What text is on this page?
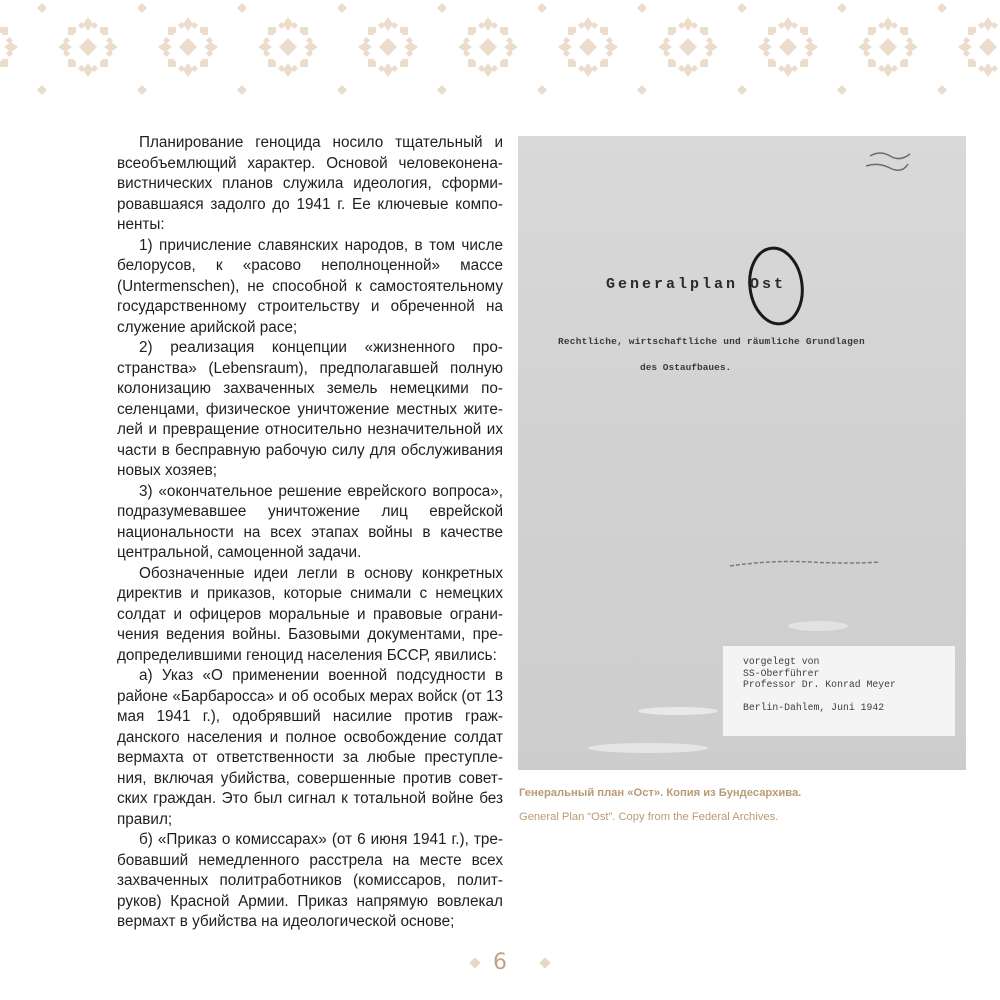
Планирование геноцида носило тщательный и всеобъемлющий характер. Основой человеконенавистнических планов служила идеология, сформировавшаяся задолго до 1941 г. Ее ключевые компоненты:

1) причисление славянских народов, в том числе белорусов, к «расово неполноценной» массе (Untermenschen), не способной к самостоятельному государственному строительству и обреченной на служение арийской расе;

2) реализация концепции «жизненного пространства» (Lebensraum), предполагавшей полную колонизацию захваченных земель немецкими поселенцами, физическое уничтожение местных жителей и превращение относительно незначительной их части в бесправную рабочую силу для обслуживания новых хозяев;

3) «окончательное решение еврейского вопроса», подразумевавшее уничтожение лиц еврейской национальности на всех этапах войны в качестве центральной, самоценной задачи.

Обозначенные идеи легли в основу конкретных директив и приказов, которые снимали с немецких солдат и офицеров моральные и правовые ограничения ведения войны. Базовыми документами, предопределившими геноцид населения БССР, явились:

а) Указ «О применении военной подсудности в районе «Барбаросса» и об особых мерах войск (от 13 мая 1941 г.), одобрявший насилие против гражданского населения и полное освобождение солдат вермахта от ответственности за любые преступления, включая убийства, совершенные против советских граждан. Это был сигнал к тотальной войне без правил;

б) «Приказ о комиссарах» (от 6 июня 1941 г.), требовавший немедленного расстрела на месте всех захваченных политработников (комиссаров, политруков) Красной Армии. Приказ напрямую вовлекал вермахт в убийства на идеологической основе;

Generalplan Ost
Rechtliche, wirtschaftliche und räumliche Grundlagen
des Ostaufbaues.
vorgelegt von
SS-Oberführer
Professor Dr. Konrad Meyer
Berlin-Dahlem, Juni 1942
Генеральный план «Ост». Копия из Бундесархива.
General Plan “Ost”. Copy from the Federal Archives.
6
